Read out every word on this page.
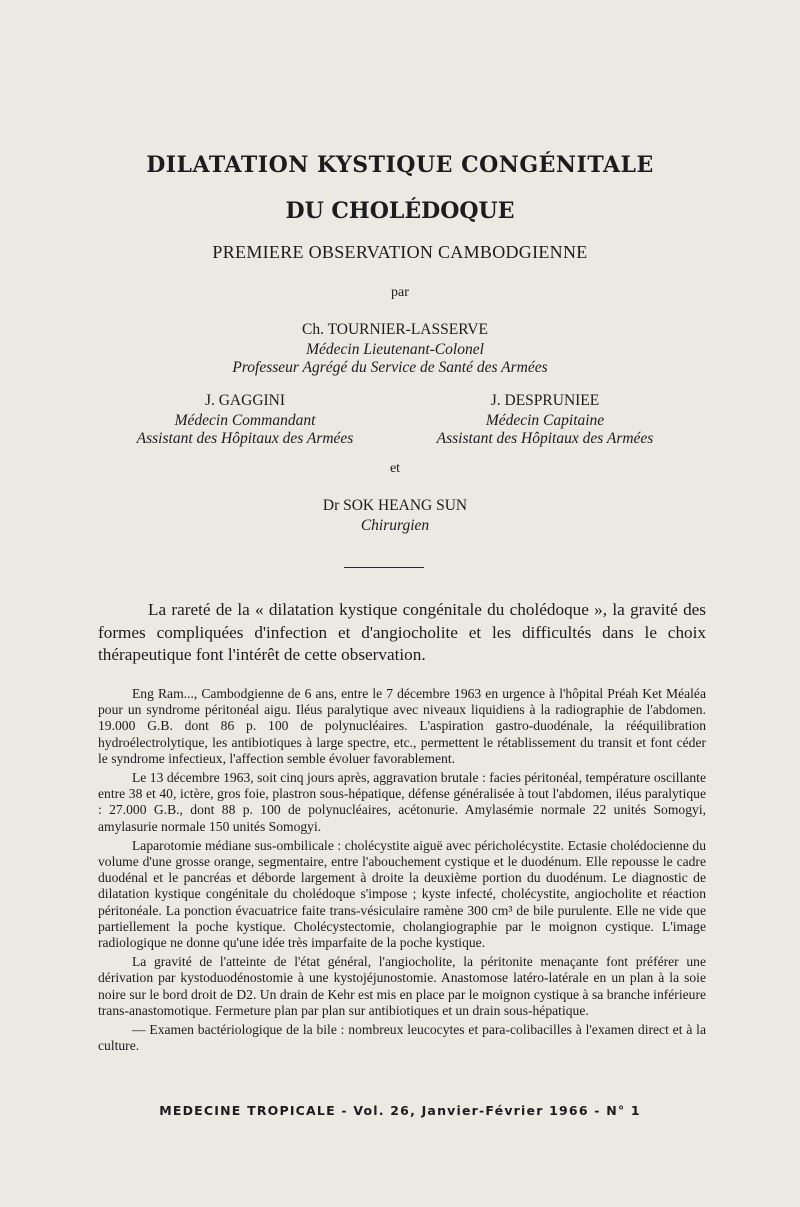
DILATATION KYSTIQUE CONGÉNITALE
DU CHOLÉDOQUE
PREMIERE OBSERVATION CAMBODGIENNE
par
Ch. TOURNIER-LASSERVE
Médecin Lieutenant-Colonel
Professeur Agrégé du Service de Santé des Armées
J. GAGGINI
Médecin Commandant
Assistant des Hôpitaux des Armées
J. DESPRUNIEE
Médecin Capitaine
Assistant des Hôpitaux des Armées
et
Dr SOK HEANG SUN
Chirurgien
La rareté de la « dilatation kystique congénitale du cholédoque », la gravité des formes compliquées d'infection et d'angiocholite et les difficultés dans le choix thérapeutique font l'intérêt de cette observation.

Eng Ram..., Cambodgienne de 6 ans, entre le 7 décembre 1963 en urgence à l'hôpital Préah Ket Méaléa pour un syndrome péritonéal aigu. Iléus paralytique avec niveaux liquidiens à la radiographie de l'abdomen. 19.000 G.B. dont 86 p. 100 de polynucléaires. L'aspiration gastro-duodénale, la rééquilibration hydroélectrolytique, les antibiotiques à large spectre, etc., permettent le rétablissement du transit et font céder le syndrome infectieux, l'affection semble évoluer favorablement.

Le 13 décembre 1963, soit cinq jours après, aggravation brutale : facies péritonéal, température oscillante entre 38 et 40, ictère, gros foie, plastron sous-hépatique, défense généralisée à tout l'abdomen, iléus paralytique : 27.000 G.B., dont 88 p. 100 de polynucléaires, acétonurie. Amylasémie normale 22 unités Somogyi, amylasurie normale 150 unités Somogyi.

Laparotomie médiane sus-ombilicale : cholécystite aiguë avec péricholécystite. Ectasie cholédocienne du volume d'une grosse orange, segmentaire, entre l'abouchement cystique et le duodénum. Elle repousse le cadre duodénal et le pancréas et déborde largement à droite la deuxième portion du duodénum. Le diagnostic de dilatation kystique congénitale du cholédoque s'impose ; kyste infecté, cholécystite, angiocholite et réaction péritonéale. La ponction évacuatrice faite trans-vésiculaire ramène 300 cm³ de bile purulente. Elle ne vide que partiellement la poche kystique. Cholécystectomie, cholangiographie par le moignon cystique. L'image radiologique ne donne qu'une idée très imparfaite de la poche kystique.

La gravité de l'atteinte de l'état général, l'angiocholite, la péritonite menaçante font préférer une dérivation par kystoduodénostomie à une kystojéjunostomie. Anastomose latéro-latérale en un plan à la soie noire sur le bord droit de D2. Un drain de Kehr est mis en place par le moignon cystique à sa branche inférieure trans-anastomotique. Fermeture plan par plan sur antibiotiques et un drain sous-hépatique.

— Examen bactériologique de la bile : nombreux leucocytes et para-colibacilles à l'examen direct et à la culture.

MEDECINE TROPICALE - Vol. 26, Janvier-Février 1966 - N° 1
